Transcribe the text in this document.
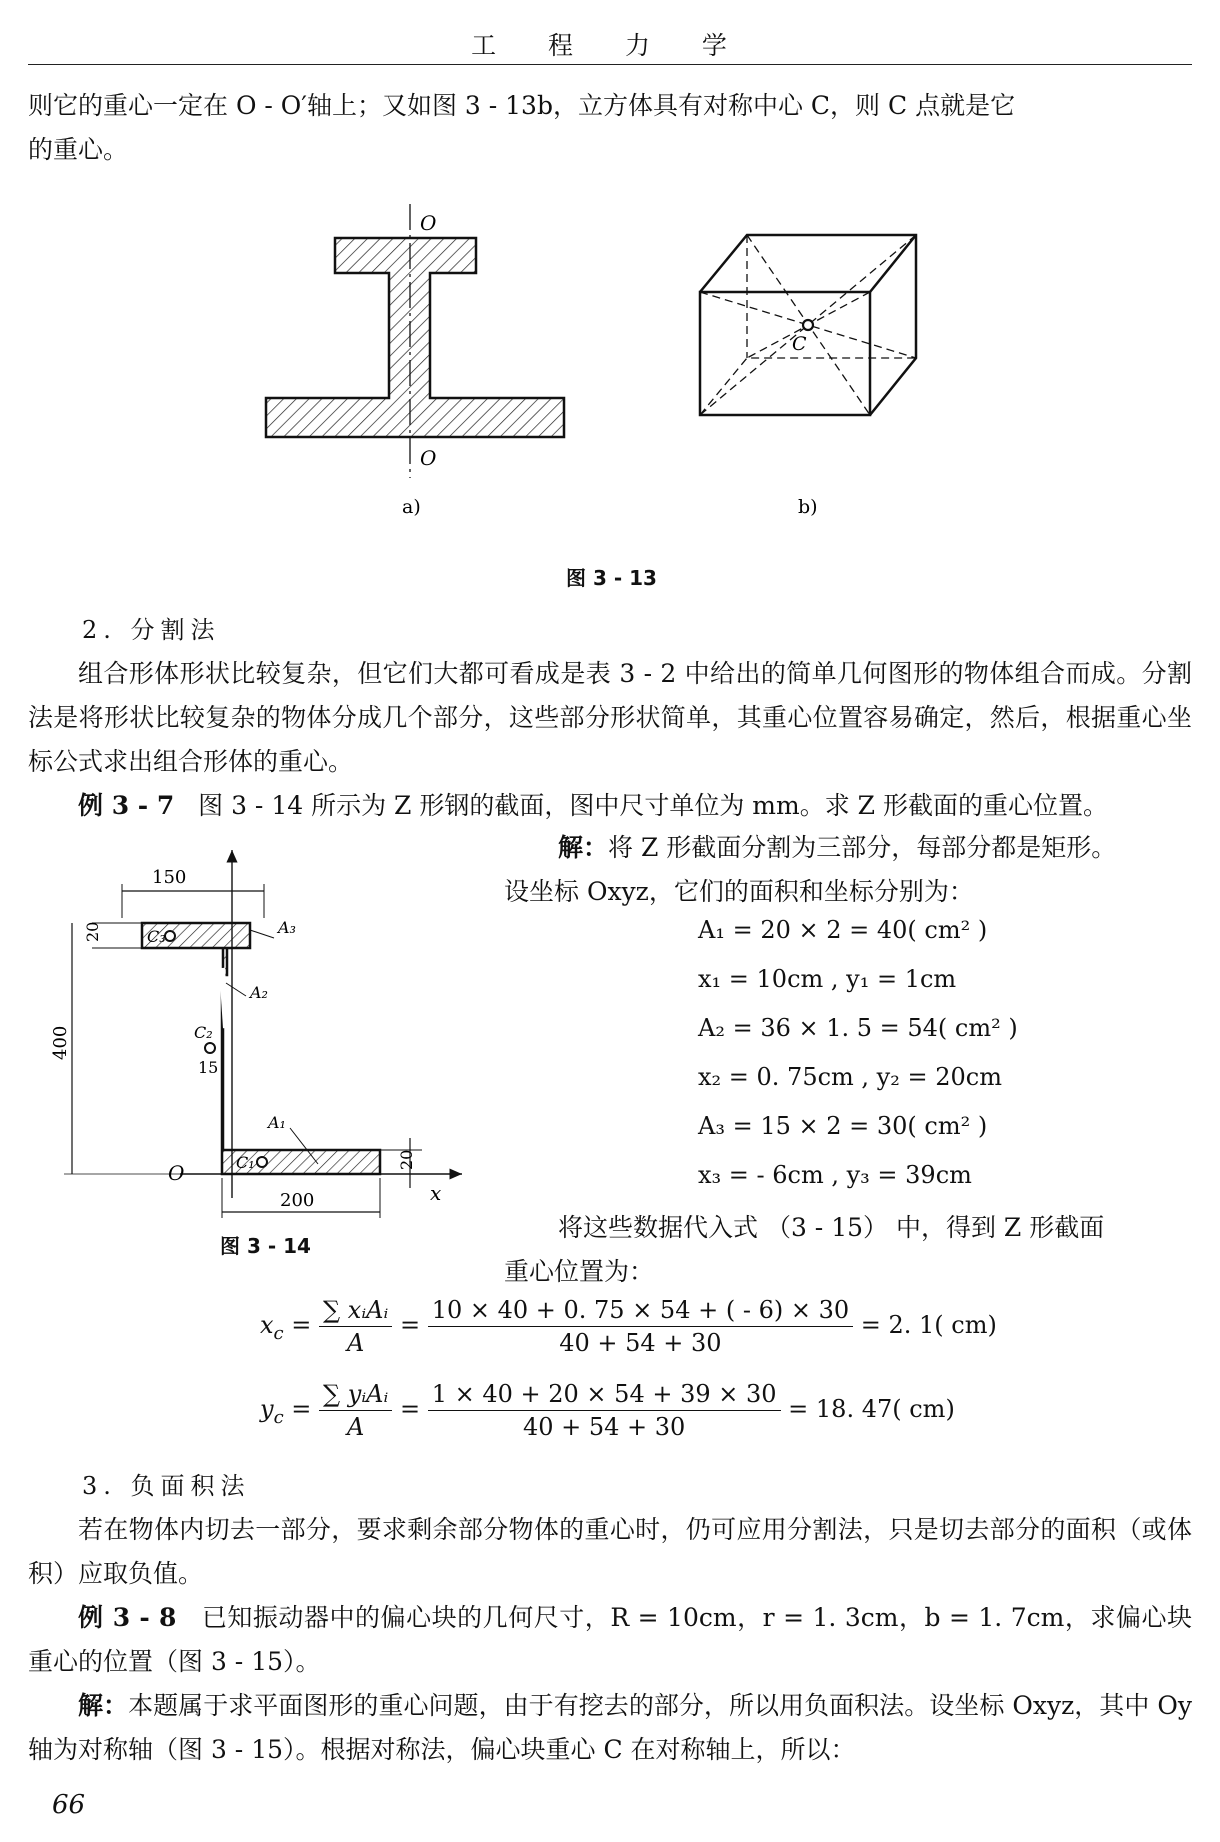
工 程 力 学
则它的重心一定在 O - O′轴上；又如图 3 - 13b，立方体具有对称中心 C，则 C 点就是它
的重心。
O
O
a)
C
b)
图 3 - 13
2. 分割法
组合形体形状比较复杂，但它们大都可看成是表 3 - 2 中给出的简单几何图形的物体组合而成。分割法是将形状比较复杂的物体分成几个部分，这些部分形状简单，其重心位置容易确定，然后，根据重心坐标公式求出组合形体的重心。
例 3 - 7 图 3 - 14 所示为 Z 形钢的截面，图中尺寸单位为 mm。求 Z 形截面的重心位置。
x
O
150
20
400
15
20
200
C₃
C₂
C₁
A₃
A₂
A₁
图 3 - 14
解：将 Z 形截面分割为三部分，每部分都是矩形。
设坐标 Oxyz，它们的面积和坐标分别为：
A₁ = 20 × 2 = 40( cm² )
x₁ = 10cm , y₁ = 1cm
A₂ = 36 × 1. 5 = 54( cm² )
x₂ = 0. 75cm , y₂ = 20cm
A₃ = 15 × 2 = 30( cm² )
x₃ = - 6cm , y₃ = 39cm
将这些数据代入式 （3 - 15） 中，得到 Z 形截面
重心位置为：
$x_c = \frac{\text{∑ xᵢAᵢ}}{A} = \frac{10 \times 40 + 0. 75 \times 54 + ( - 6) \times 30}{40 + 54 + 30} = 2$. 1( cm)
$y_c = \frac{\text{∑ yᵢAᵢ}}{A} = \frac{1 \times 40 + 20 \times 54 + 39 \times 30}{40 + 54 + 30} = 18$. 47( cm)
3. 负面积法
若在物体内切去一部分，要求剩余部分物体的重心时，仍可应用分割法，只是切去部分的面积（或体积）应取负值。
例 3 - 8 已知振动器中的偏心块的几何尺寸，R = 10cm，r = 1. 3cm，b = 1. 7cm，求偏心块重心的位置（图 3 - 15）。
解：本题属于求平面图形的重心问题，由于有挖去的部分，所以用负面积法。设坐标 Oxyz，其中 Oy 轴为对称轴（图 3 - 15）。根据对称法，偏心块重心 C 在对称轴上，所以：
66
